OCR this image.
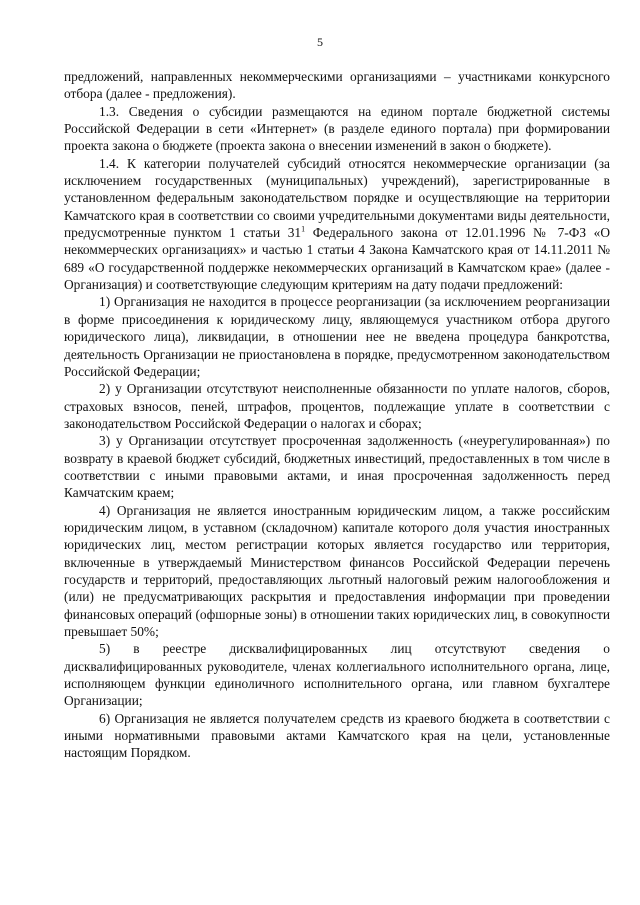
5

предложений, направленных некоммерческими организациями – участниками конкурсного отбора (далее - предложения).

1.3. Сведения о субсидии размещаются на едином портале бюджетной системы Российской Федерации в сети «Интернет» (в разделе единого портала) при формировании проекта закона о бюджете (проекта закона о внесении изменений в закон о бюджете).

1.4. К категории получателей субсидий относятся некоммерческие организации (за исключением государственных (муниципальных) учреждений), зарегистрированные в установленном федеральным законодательством порядке и осуществляющие на территории Камчатского края в соответствии со своими учредительными документами виды деятельности, предусмотренные пунктом 1 статьи $31^1$ Федерального закона от 12.01.1996 № 7-ФЗ «О некоммерческих организациях» и частью 1 статьи 4 Закона Камчатского края от 14.11.2011 № 689 «О государственной поддержке некоммерческих организаций в Камчатском крае» (далее - Организация) и соответствующие следующим критериям на дату подачи предложений:

1) Организация не находится в процессе реорганизации (за исключением реорганизации в форме присоединения к юридическому лицу, являющемуся участником отбора другого юридического лица), ликвидации, в отношении нее не введена процедура банкротства, деятельность Организации не приостановлена в порядке, предусмотренном законодательством Российской Федерации;

2) у Организации отсутствуют неисполненные обязанности по уплате налогов, сборов, страховых взносов, пеней, штрафов, процентов, подлежащие уплате в соответствии с законодательством Российской Федерации о налогах и сборах;

3) у Организации отсутствует просроченная задолженность («неурегулированная») по возврату в краевой бюджет субсидий, бюджетных инвестиций, предоставленных в том числе в соответствии с иными правовыми актами, и иная просроченная задолженность перед Камчатским краем;

4) Организация не является иностранным юридическим лицом, а также российским юридическим лицом, в уставном (складочном) капитале которого доля участия иностранных юридических лиц, местом регистрации которых является государство или территория, включенные в утверждаемый Министерством финансов Российской Федерации перечень государств и территорий, предоставляющих льготный налоговый режим налогообложения и (или) не предусматривающих раскрытия и предоставления информации при проведении финансовых операций (офшорные зоны) в отношении таких юридических лиц, в совокупности превышает 50%;

5) в реестре дисквалифицированных лиц отсутствуют сведения о дисквалифицированных руководителе, членах коллегиального исполнительного органа, лице, исполняющем функции единоличного исполнительного органа, или главном бухгалтере Организации;

6) Организация не является получателем средств из краевого бюджета в соответствии с иными нормативными правовыми актами Камчатского края на цели, установленные настоящим Порядком.
